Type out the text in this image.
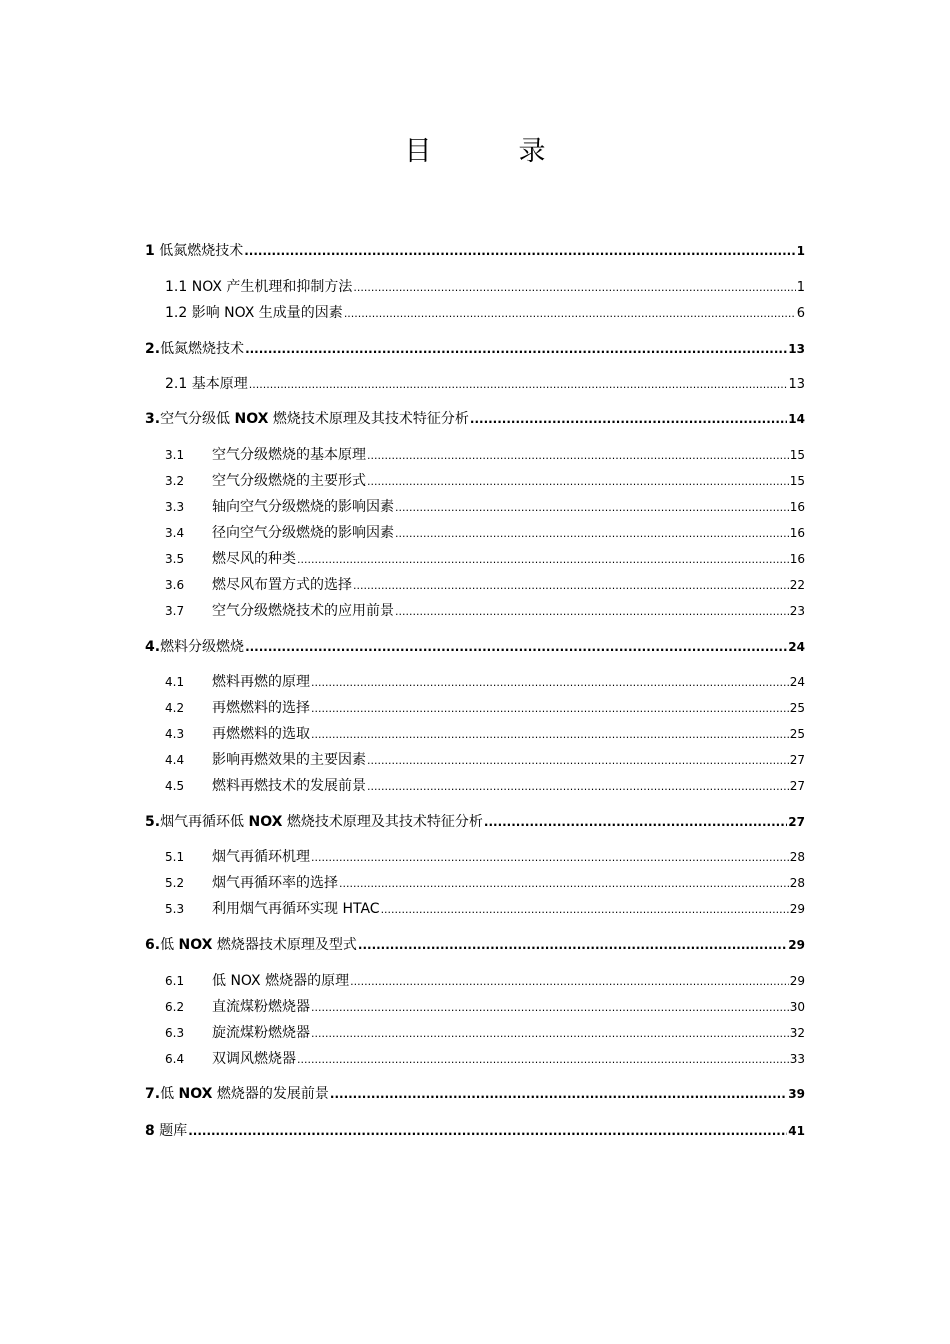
目　录
1 低氮燃烧技术 .....	1
1.1 NOX 产生机理和抑制方法 .....	1
1.2 影响 NOX 生成量的因素 .....	6
2.低氮燃烧技术 .....	13
2.1 基本原理 .....	13
3.空气分级低 NOX 燃烧技术原理及其技术特征分析 .....	14
3.1 空气分级燃烧的基本原理 .....	15
3.2 空气分级燃烧的主要形式 .....	15
3.3 轴向空气分级燃烧的影响因素 .....	16
3.4 径向空气分级燃烧的影响因素 .....	16
3.5 燃尽风的种类 .....	16
3.6 燃尽风布置方式的选择 .....	22
3.7 空气分级燃烧技术的应用前景 .....	23
4.燃料分级燃烧 .....	24
4.1 燃料再燃的原理 .....	24
4.2 再燃燃料的选择 .....	25
4.3 再燃燃料的选取 .....	25
4.4 影响再燃效果的主要因素 .....	27
4.5 燃料再燃技术的发展前景 .....	27
5.烟气再循环低 NOX 燃烧技术原理及其技术特征分析 .....	27
5.1 烟气再循环机理 .....	28
5.2 烟气再循环率的选择 .....	28
5.3 利用烟气再循环实现 HTAC .....	29
6.低 NOX 燃烧器技术原理及型式 .....	29
6.1 低 NOX 燃烧器的原理 .....	29
6.2 直流煤粉燃烧器 .....	30
6.3 旋流煤粉燃烧器 .....	32
6.4 双调风燃烧器 .....	33
7.低 NOX 燃烧器的发展前景 .....	39
8 题库 .....	41
